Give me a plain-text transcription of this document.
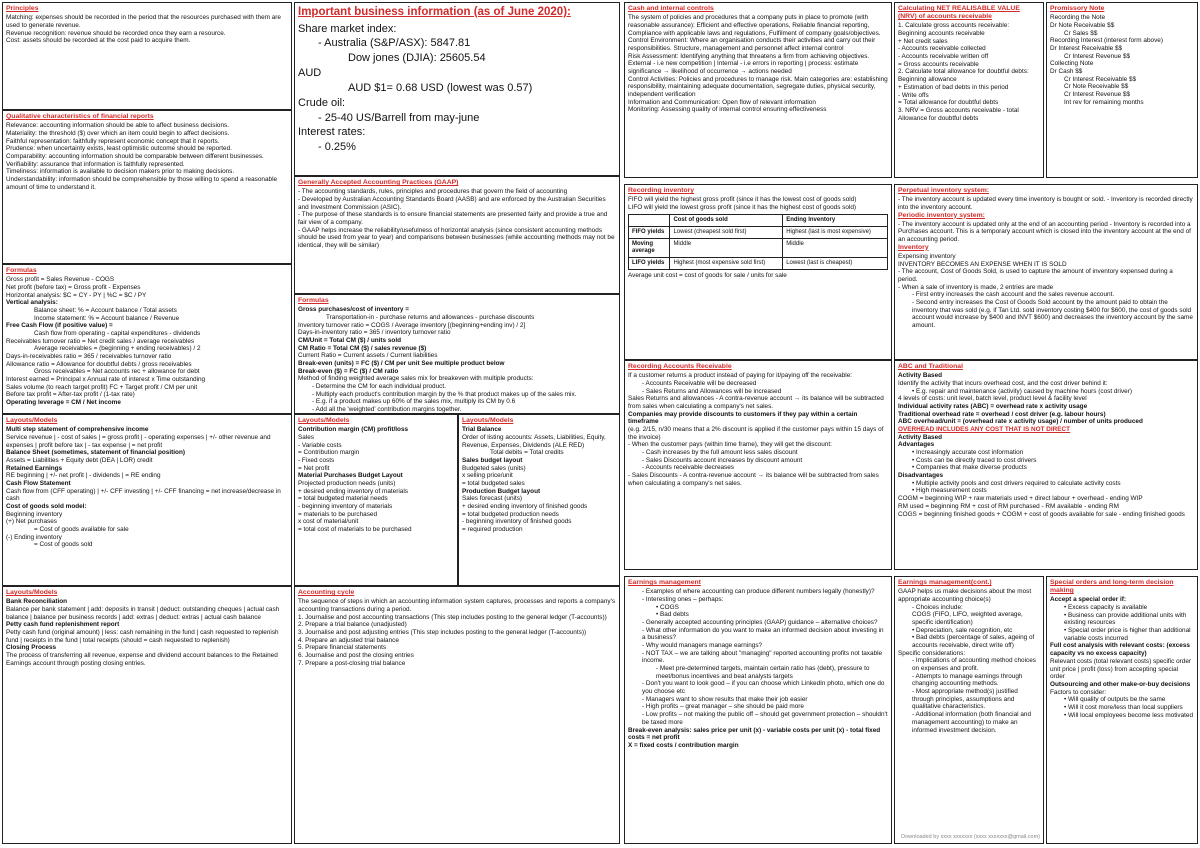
Principles
Matching: expenses should be recorded in the period that the resources purchased with them are used to generate revenue.
Revenue recognition: revenue should be recorded once they earn a resource.
Cost: assets should be recorded at the cost paid to acquire them.
Qualitative characteristics of financial reports
Relevance: accounting information should be able to affect business decisions.
Materiality: the threshold ($) over which an item could begin to affect decisions.
Faithful representation: faithfully represent economic concept that it reports.
Prudence: when uncertainty exists, least optimistic outcome should be reported.
Comparability: accounting information should be comparable between different businesses.
Verifiability: assurance that information is faithfully represented.
Timeliness: information is available to decision makers prior to making decisions.
Understandability: information should be comprehensible by those willing to spend a reasonable amount of time to understand it.
Formulas
Gross profit = Sales Revenue - COGS
Net profit (before tax) = Gross profit - Expenses
Horizontal analysis: $C = CY - PY | %C = $C / PY
Vertical analysis:
Balance sheet: % = Account balance / Total assets
Income statement: % = Account balance / Revenue
Free Cash Flow (if positive value) =
Cash flow from operating - capital expenditures - dividends
Receivables turnover ratio = Net credit sales / average receivables
Average receivables = (beginning + ending receivables) / 2
Days-in-receivables ratio = 365 / receivables turnover ratio
Allowance ratio = Allowance for doubtful debts / gross receivables
Gross receivables = Net accounts rec + allowance for debt
Interest earned = Principal x Annual rate of interest x Time outstanding
Sales volume (to reach target profit) FC + Target profit / CM per unit
Before tax profit = After-tax profit / (1-tax rate)
Operating leverage = CM / Net income
Layouts/Models
Multi step statement of comprehensive income
Service revenue | - cost of sales | = gross profit | - operating expenses | +/- other revenue and expenses | profit before tax | - tax expense | = net profit
Balance Sheet (sometimes, statement of financial position)
Assets = Liabilities + Equity debt (DEA | LOR) credit
Retained Earnings
RE beginning | +/- net profit | - dividends | = RE ending
Cash Flow Statement
Cash flow from (CFF operating) | +/- CFF investing | +/- CFF financing = net increase/decrease in cash
Cost of goods sold model:
Beginning inventory
(+) Net purchases
= Cost of goods available for sale
(-) Ending inventory
= Cost of goods sold
Layouts/Models
Bank Reconciliation
Balance per bank statement | add: deposits in transit | deduct: outstanding cheques | actual cash balance | balance per business records | add: extras | deduct: extras | actual cash balance
Petty cash fund replenishment report
Petty cash fund (original amount) | less: cash remaining in the fund | cash requested to replenish fund | receipts in the fund | total receipts (should = cash requested to replenish)
Closing Process
The process of transferring all revenue, expense and dividend account balances to the Retained Earnings account through posting closing entries.
Important business information (as of June 2020):
Share market index:
- Australia (S&P/ASX): 5847.81
Dow jones (DJIA): 25605.54
AUD
AUD $1= 0.68 USD (lowest was 0.57)
Crude oil:
- 25-40 US/Barrell from may-june
Interest rates:
- 0.25%
Generally Accepted Accounting Practices (GAAP)
- The accounting standards, rules, principles and procedures that govern the field of accounting
- Developed by Australian Accounting Standards Board (AASB) and are enforced by the Australian Securities and Investment Commission (ASIC).
- The purpose of these standards is to ensure financial statements are presented fairly and provide a true and fair view of a company.
- GAAP helps increase the reliability/usefulness of horizontal analysis (since consistent accounting methods should be used from year to year) and comparisons between businesses (while accounting methods may not be identical, they will be similar)
Formulas
Gross purchases/cost of inventory =
Transportation-in - purchase returns and allowances - purchase discounts
Inventory turnover ratio = COGS / Average inventory [(beginning+ending inv) / 2]
Days-in-inventory ratio = 365 / inventory turnover ratio
CM/Unit = Total CM ($) / units sold
CM Ratio = Total CM ($) / sales revenue ($)
Current Ratio = Current assets / Current liabilities
Break-even (units) = FC ($) / CM per unit See multiple product below
Break-even ($) = FC ($) / CM ratio
Method of finding weighted average sales mix for breakeven with multiple products:
- Determine the CM for each individual product.
- Multiply each product's contribution margin by the % that product makes up of the sales mix.
- E.g. if a product makes up 60% of the sales mix, multiply its CM by 0.6
- Add all the 'weighted' contribution margins together.
Layouts/Models
Contribution margin (CM) profit/loss
Sales
- Variable costs
= Contribution margin
- Fixed costs
= Net profit
Material Purchases Budget Layout
Projected production needs (units)
+ desired ending inventory of materials
= total budgeted material needs
- beginning inventory of materials
= materials to be purchased
x cost of material/unit
= total cost of materials to be purchased
Layouts/Models
Trial Balance
Order of listing accounts: Assets, Liabilities, Equity, Revenue, Expenses, Dividends (ALE RED)
Total debits = Total credits
Sales budget layout
Budgeted sales (units)
x selling price/unit
= total budgeted sales
Production Budget layout
Sales forecast (units)
+ desired ending inventory of finished goods
= total budgeted production needs
- beginning inventory of finished goods
= required production
Accounting cycle
The sequence of steps in which an accounting information system captures, processes and reports a company's accounting transactions during a period.
1. Journalise and post accounting transactions (This step includes posting to the general ledger (T-accounts))
2. Prepare a trial balance (unadjusted)
3. Journalise and post adjusting entries (This step includes posting to the general ledger (T-accounts))
4. Prepare an adjusted trial balance
5. Prepare financial statements
6. Journalise and post the closing entries
7. Prepare a post-closing trial balance
Cash and internal controls
The system of policies and procedures that a company puts in place to promote (with reasonable assurance): Efficient and effective operations, Reliable financial reporting, Compliance with applicable laws and regulations, Fulfilment of company goals/objectives.
Control Environment: Where an organisation conducts their activities and carry out their responsibilities. Structure, management and personnel affect internal control
Risk Assessment: Identifying anything that threatens a firm from achieving objectives. External - i.e new competition | Internal - i.e errors in reporting | process: estimate significance → likelihood of occurrence → actions needed
Control Activities: Policies and procedures to manage risk. Main categories are: establishing responsibility, maintaining adequate documentation, segregate duties, physical security, independent verification
Information and Communication: Open flow of relevant information
Monitoring: Assessing quality of internal control ensuring effectiveness
Recording inventory
FIFO will yield the highest gross profit (since it has the lowest cost of goods sold)
LIFO will yield the lowest gross profit (since it has the highest cost of goods sold)
	Cost of goods sold	Ending Inventory
FIFO yields	Lowest (cheapest sold first)	Highest (last is most expensive)
Moving average	Middle	Middle
LIFO yields	Highest (most expensive sold first)	Lowest (last is cheapest)
Average unit cost = cost of goods for sale / units for sale
Recording Accounts Receivable
If a customer returns a product instead of paying for it/paying off the receivable:
- Accounts Receivable will be decreased
- Sales Returns and Allowances will be increased
Sales Returns and allowances - A contra-revenue account → its balance will be subtracted from sales when calculating a company's net sales.
Companies may provide discounts to customers if they pay within a certain timeframe
(e.g. 2/15, n/30 means that a 2% discount is applied if the customer pays within 15 days of the invoice)
- When the customer pays (within time frame), they will get the discount:
- Cash increases by the full amount less sales discount
- Sales Discounts account increases by discount amount
- Accounts receivable decreases
- Sales Discounts - A contra-revenue account → its balance will be subtracted from sales when calculating a company's net sales.
Earnings management
- Examples of where accounting can produce different numbers legally (honestly)?
- Interesting ones – perhaps:
• COGS
• Bad debts
- Generally accepted accounting principles (GAAP) guidance – alternative choices?
- What other information do you want to make an informed decision about investing in a business?
- Why would managers manage earnings?
- NOT TAX – we are talking about "managing" reported accounting profits not taxable income.
- Meet pre-determined targets, maintain certain ratio has (debt), pressure to meet/bonus incentives and beat analysts targets
- Don't you want to look good – if you can choose which LinkedIn photo, which one do you choose etc
- Managers want to show results that make their job easier
- High profits – great manager – she should be paid more
- Low profits – not making the public off – should get government protection – shouldn't be taxed more
Break-even analysis: sales price per unit (x) - variable costs per unit (x) - total fixed costs = net profit
X = fixed costs / contribution margin
Calculating NET REALISABLE VALUE (NRV) of accounts receivable
1. Calculate gross accounts receivable:
Beginning accounts receivable
+ Net credit sales
- Accounts receivable collected
- Accounts receivable written off
= Gross accounts receivable
2. Calculate total allowance for doubtful debts:
Beginning allowance
+ Estimation of bad debts in this period
- Write offs
= Total allowance for doubtful debts
3. NRV = Gross accounts receivable - total Allowance for doubtful debts
Promissory Note
Recording the Note
Dr Note Receivable $$
Cr Sales $$
Recording Interest (interest form above)
Dr Interest Receivable $$
Cr Interest Revenue $$
Collecting Note
Dr Cash $$
Cr Interest Receivable $$
Cr Note Receivable $$
Cr Interest Revenue $$
Int rev for remaining months
Perpetual inventory system:
- The inventory account is updated every time inventory is bought or sold. - Inventory is recorded directly into the inventory account.
Periodic inventory system:
- The inventory account is updated only at the end of an accounting period - Inventory is recorded into a Purchases account. This is a temporary account which is closed into the inventory account at the end of an accounting period.
Inventory
Expensing inventory
INVENTORY BECOMES AN EXPENSE WHEN IT IS SOLD
- The account, Cost of Goods Sold, is used to capture the amount of inventory expensed during a period.
- When a sale of inventory is made, 2 entries are made
- First entry increases the cash account and the sales revenue account.
- Second entry increases the Cost of Goods Sold account by the amount paid to obtain the inventory that was sold (e.g. if Tan Ltd. sold inventory costing $400 for $600, the cost of goods sold account would increase by $400 and INVT $600) and decreases the inventory account by the same amount.
ABC and Traditional
Activity Based
Identify the activity that incurs overhead cost, and the cost driver behind it:
• E.g. repair and maintenance (activity) caused by machine hours (cost driver)
4 levels of costs: unit level, batch level, product level & facility level
Individual activity rates (ABC) = overhead rate x activity usage
Traditional overhead rate = overhead / cost driver (e.g. labour hours)
ABC overhead/unit = (overhead rate x activity usage) / number of units produced
OVERHEAD INCLUDES ANY COST THAT IS NOT DIRECT
Activity Based
Advantages
• Increasingly accurate cost information
• Costs can be directly traced to cost drivers
• Companies that make diverse products
Disadvantages
• Multiple activity pools and cost drivers required to calculate activity costs
• High measurement costs
COGM = beginning WIP + raw materials used + direct labour + overhead - ending WIP
RM used = beginning RM + cost of RM purchased - RM available - ending RM
COGS = beginning finished goods + COGM + cost of goods available for sale - ending finished goods
Earnings management(cont.)
GAAP helps us make decisions about the most appropriate accounting choice(s)
- Choices include:
COGS (FIFO, LIFO, weighted average, specific identification)
• Depreciation, sale recognition, etc
• Bad debts (percentage of sales, ageing of accounts receivable, direct write off)
Specific considerations:
- Implications of accounting method choices on expenses and profit.
- Attempts to manage earnings through changing accounting methods.
- Most appropriate method(s) justified through principles, assumptions and qualitative characteristics.
- Additional information (both financial and management accounting) to make an informed investment decision.
Special orders and long-term decision making
Accept a special order if:
• Excess capacity is available
• Business can provide additional units with existing resources
• Special order price is higher than additional variable costs incurred
Full cost analysis with relevant costs: (excess capacity vs no excess capacity)
Relevant costs (total relevant costs) specific order unit price | profit (loss) from accepting special order
Outsourcing and other make-or-buy decisions
Factors to consider:
• Will quality of outputs be the same
• Will it cost more/less than local suppliers
• Will local employees become less motivated
Downloaded by xxxx xxxxxxx (xxxx xxxxxxx@gmail.com)
